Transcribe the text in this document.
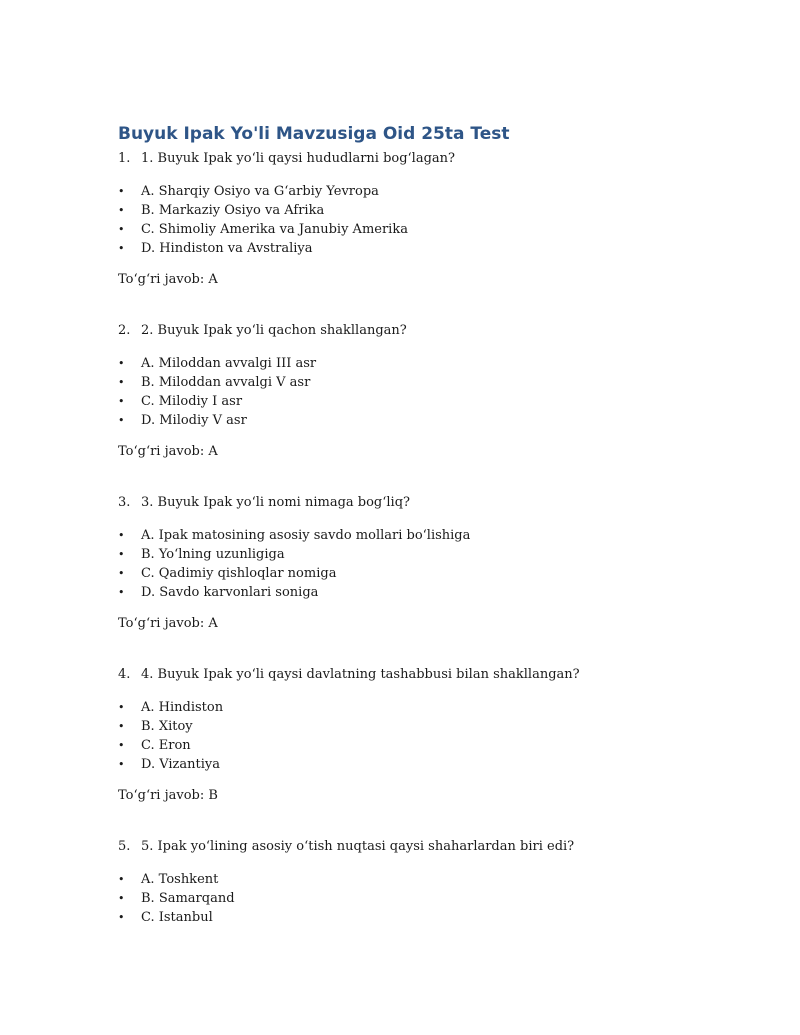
Buyuk Ipak Yo'li Mavzusiga Oid 25ta Test
1. 1. Buyuk Ipak yo‘li qaysi hududlarni bog‘lagan?
• A. Sharqiy Osiyo va G‘arbiy Yevropa
• B. Markaziy Osiyo va Afrika
• C. Shimoliy Amerika va Janubiy Amerika
• D. Hindiston va Avstraliya
To‘g‘ri javob: A
2. 2. Buyuk Ipak yo‘li qachon shakllangan?
• A. Miloddan avvalgi III asr
• B. Miloddan avvalgi V asr
• C. Milodiy I asr
• D. Milodiy V asr
To‘g‘ri javob: A
3. 3. Buyuk Ipak yo‘li nomi nimaga bog‘liq?
• A. Ipak matosining asosiy savdo mollari bo‘lishiga
• B. Yo‘lning uzunligiga
• C. Qadimiy qishloqlar nomiga
• D. Savdo karvonlari soniga
To‘g‘ri javob: A
4. 4. Buyuk Ipak yo‘li qaysi davlatning tashabbusi bilan shakllangan?
• A. Hindiston
• B. Xitoy
• C. Eron
• D. Vizantiya
To‘g‘ri javob: B
5. 5. Ipak yo‘lining asosiy o‘tish nuqtasi qaysi shaharlardan biri edi?
• A. Toshkent
• B. Samarqand
• C. Istanbul
